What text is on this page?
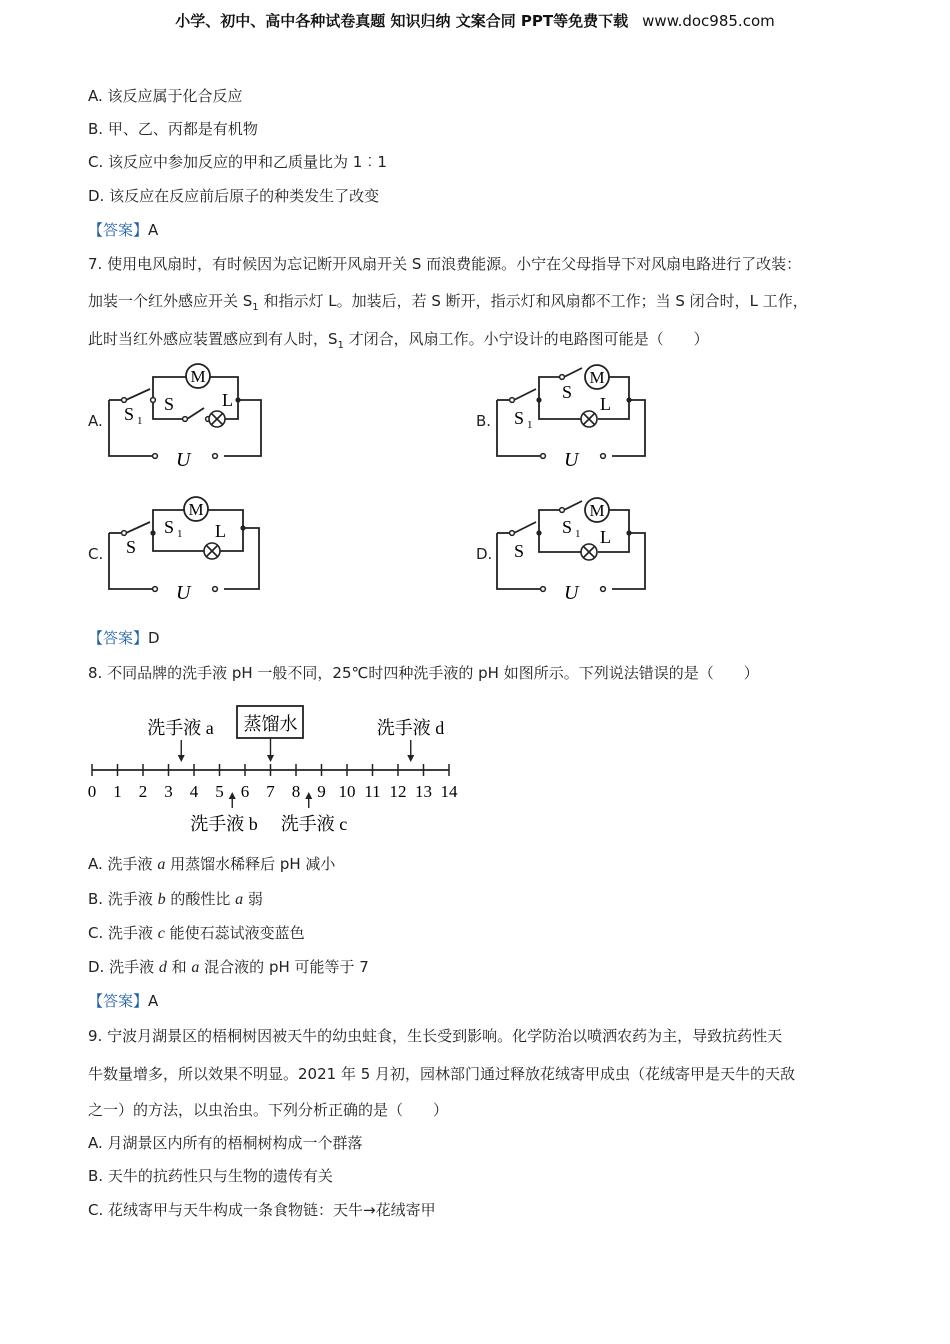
小学、初中、高中各种试卷真题 知识归纳 文案合同 PPT等免费下载 www.doc985.com
A. 该反应属于化合反应
B. 甲、乙、丙都是有机物
C. 该反应中参加反应的甲和乙质量比为 1︰1
D. 该反应在反应前后原子的种类发生了改变
【答案】A
7. 使用电风扇时，有时候因为忘记断开风扇开关 S 而浪费能源。小宁在父母指导下对风扇电路进行了改装：
加装一个红外感应开关 $S_1$ 和指示灯 L。加装后，若 S 断开，指示灯和风扇都不工作；当 S 闭合时，L 工作，
此时当红外感应装置感应到有人时，$S_1$ 才闭合，风扇工作。小宁设计的电路图可能是（　　）
A.
M
L
S
S 1
U
B.
M
L
S
S 1
U
C.
M
L
S 1
S
U
D.
M
L
S 1
S
U
【答案】D
8. 不同品牌的洗手液 pH 一般不同，25℃时四种洗手液的 pH 如图所示。下列说法错误的是（　　）
0 1 2 3 4 5 6 7 8 9 10 11 12 13 14
洗手液 a 蒸馏水	洗手液 d
洗手液 b 洗手液 c
A. 洗手液 a 用蒸馏水稀释后 pH 减小
B. 洗手液 b 的酸性比 a 弱
C. 洗手液 c 能使石蕊试液变蓝色
D. 洗手液 d 和 a 混合液的 pH 可能等于 7
【答案】A
9. 宁波月湖景区的梧桐树因被天牛的幼虫蛀食，生长受到影响。化学防治以喷洒农药为主，导致抗药性天
牛数量增多，所以效果不明显。2021 年 5 月初，园林部门通过释放花绒寄甲成虫（花绒寄甲是天牛的天敌
之一）的方法，以虫治虫。下列分析正确的是（　　）
A. 月湖景区内所有的梧桐树构成一个群落
B. 天牛的抗药性只与生物的遗传有关
C. 花绒寄甲与天牛构成一条食物链：天牛→花绒寄甲
